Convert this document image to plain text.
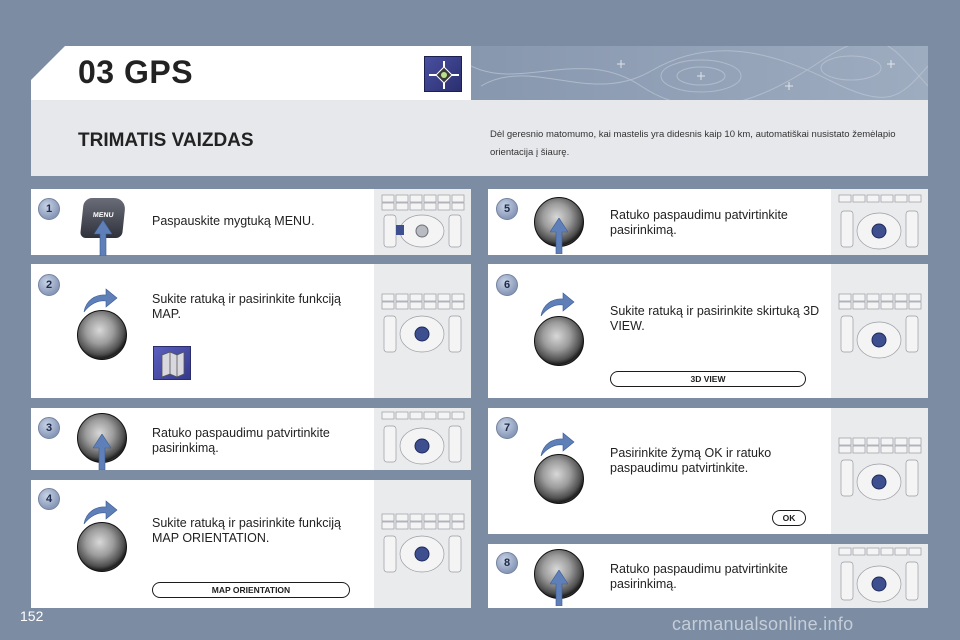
03 GPS
TRIMATIS VAIZDAS	Dėl geresnio matomumo, kai mastelis yra didesnis kaip 10 km, automatiškai nusistato žemėlapio orientacija į šiaurę.
1
MENU	Paspauskite mygtuką MENU.
2
Sukite ratuką ir pasirinkite funkciją MAP.
3	Ratuko paspaudimu patvirtinkite pasirinkimą.
4
Sukite ratuką ir pasirinkite funkciją MAP ORIENTATION.
MAP ORIENTATION
5	Ratuko paspaudimu patvirtinkite pasirinkimą.
6
Sukite ratuką ir pasirinkite skirtuką 3D VIEW.
3D VIEW
7
Pasirinkite žymą OK ir ratuko paspaudimu patvirtinkite.
OK
8	Ratuko paspaudimu patvirtinkite pasirinkimą.
152	carmanualsonline.info
